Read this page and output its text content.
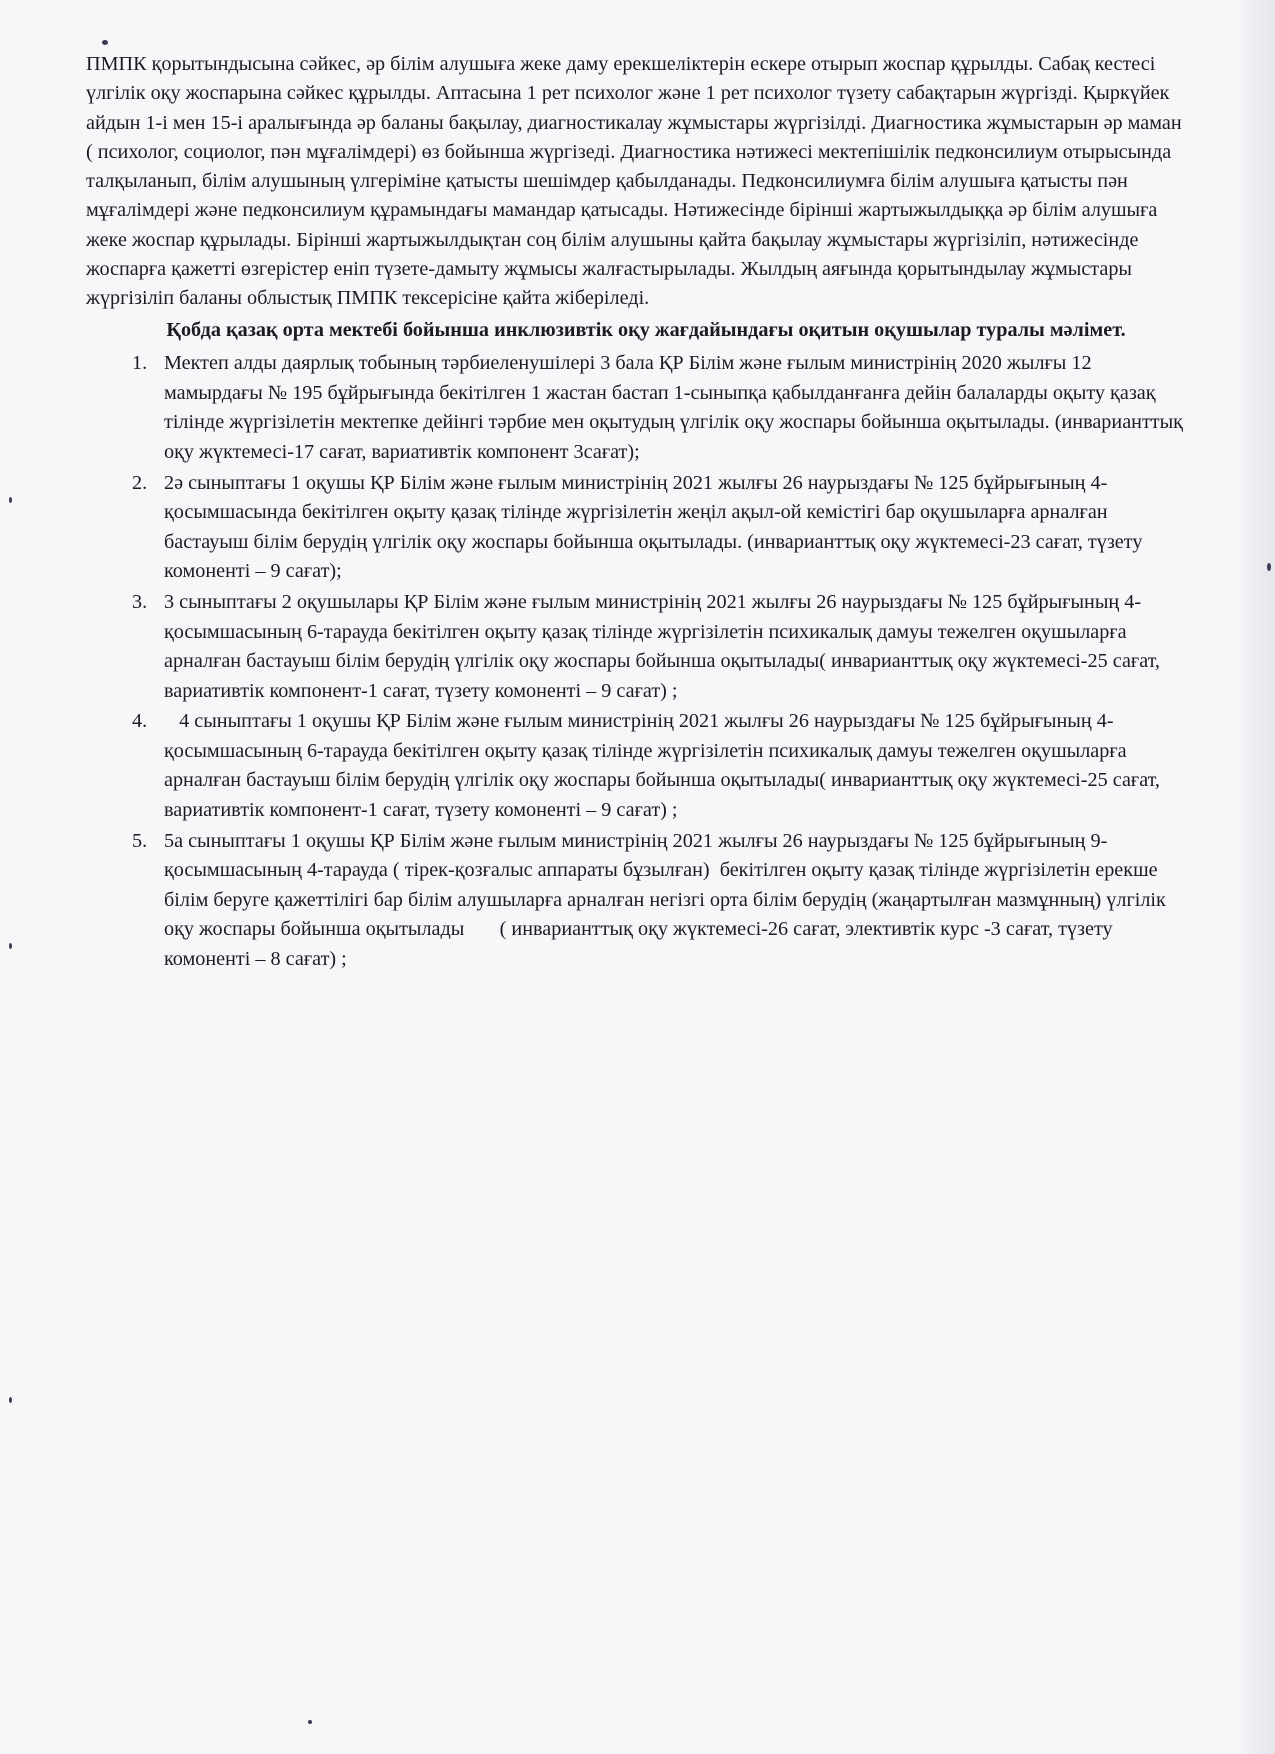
ПМПК қорытындысына сәйкес, әр білім алушыға жеке даму ерекшеліктерін ескере отырып жоспар құрылды. Сабақ кестесі үлгілік оқу жоспарына сәйкес құрылды. Аптасына 1 рет психолог және 1 рет психолог түзету сабақтарын жүргізді. Қыркүйек айдын 1-і мен 15-і аралығында әр баланы бақылау, диагностикалау жұмыстары жүргізілді. Диагностика жұмыстарын әр маман ( психолог, социолог, пән мұғалімдері) өз бойынша жүргізеді. Диагностика нәтижесі мектепішілік педконсилиум отырысында талқыланып, білім алушының үлгеріміне қатысты шешімдер қабылданады. Педконсилиумға білім алушыға қатысты пән мұғалімдері және педконсилиум құрамындағы мамандар қатысады. Нәтижесінде бірінші жартыжылдыққа әр білім алушыға жеке жоспар құрылады. Бірінші жартыжылдықтан соң білім алушыны қайта бақылау жұмыстары жүргізіліп, нәтижесінде жоспарға қажетті өзгерістер еніп түзете-дамыту жұмысы жалғастырылады. Жылдың аяғында қорытындылау жұмыстары жүргізіліп баланы облыстық ПМПК тексерісіне қайта жіберіледі.

Қобда қазақ орта мектебі бойынша инклюзивтік оқу жағдайындағы оқитын оқушылар туралы мәлімет.
1. Мектеп алды даярлық тобының тәрбиеленушілері 3 бала ҚР Білім және ғылым министрінің 2020 жылғы 12 мамырдағы № 195 бұйрығында бекітілген 1 жастан бастап 1-сыныпқа қабылданғанға дейін балаларды оқыту қазақ тілінде жүргізілетін мектепке дейінгі тәрбие мен оқытудың үлгілік оқу жоспары бойынша оқытылады. (инварианттық оқу жүктемесі-17 сағат, вариативтік компонент 3сағат);
2. 2ә сыныптағы 1 оқушы ҚР Білім және ғылым министрінің 2021 жылғы 26 наурыздағы № 125 бұйрығының 4-қосымшасында бекітілген оқыту қазақ тілінде жүргізілетін жеңіл ақыл-ой кемістігі бар оқушыларға арналған бастауыш білім берудің үлгілік оқу жоспары бойынша оқытылады. (инварианттық оқу жүктемесі-23 сағат, түзету комоненті – 9 сағат);
3. 3 сыныптағы 2 оқушылары ҚР Білім және ғылым министрінің 2021 жылғы 26 наурыздағы № 125 бұйрығының 4-қосымшасының 6-тарауда бекітілген оқыту қазақ тілінде жүргізілетін психикалық дамуы тежелген оқушыларға арналған бастауыш білім берудің үлгілік оқу жоспары бойынша оқытылады( инварианттық оқу жүктемесі-25 сағат, вариативтік компонент-1 сағат, түзету комоненті – 9 сағат) ;
4. 4 сыныптағы 1 оқушы ҚР Білім және ғылым министрінің 2021 жылғы 26 наурыздағы № 125 бұйрығының 4-қосымшасының 6-тарауда бекітілген оқыту қазақ тілінде жүргізілетін психикалық дамуы тежелген оқушыларға арналған бастауыш білім берудің үлгілік оқу жоспары бойынша оқытылады( инварианттық оқу жүктемесі-25 сағат, вариативтік компонент-1 сағат, түзету комоненті – 9 сағат) ;
5. 5а сыныптағы 1 оқушы ҚР Білім және ғылым министрінің 2021 жылғы 26 наурыздағы № 125 бұйрығының 9-қосымшасының 4-тарауда ( тірек-қозғалыс аппараты бұзылған)  бекітілген оқыту қазақ тілінде жүргізілетін ерекше білім беруге қажеттілігі бар білім алушыларға арналған негізгі орта білім берудің (жаңартылған мазмұнның) үлгілік оқу жоспары бойынша оқытылады       ( инварианттық оқу жүктемесі-26 сағат, элективтік курс -3 сағат, түзету комоненті – 8 сағат) ;
